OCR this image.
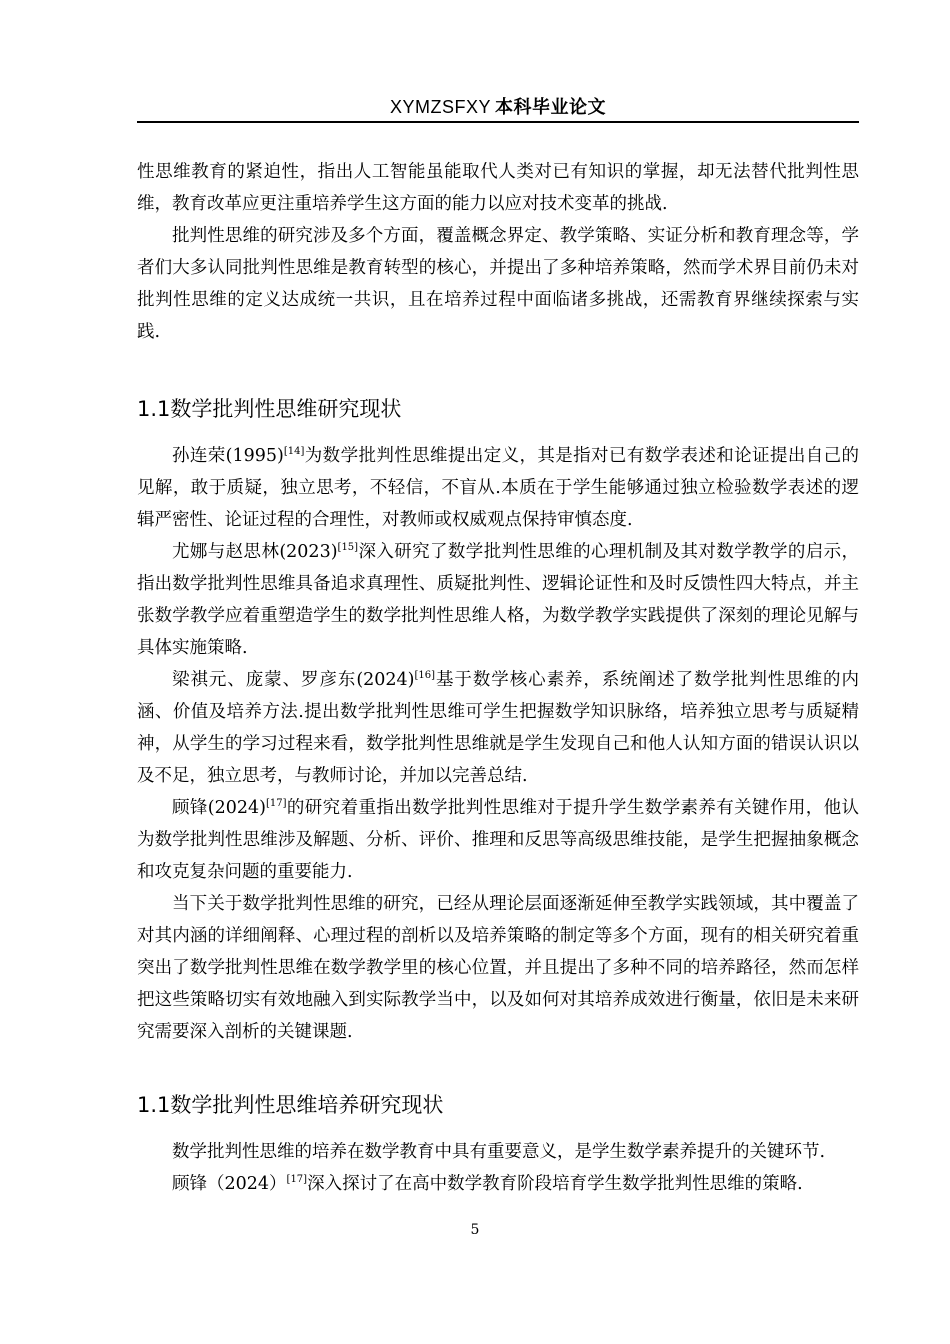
XYMZSFXY 本科毕业论文

性思维教育的紧迫性，指出人工智能虽能取代人类对已有知识的掌握，却无法替代批判性思维，教育改革应更注重培养学生这方面的能力以应对技术变革的挑战.

批判性思维的研究涉及多个方面，覆盖概念界定、教学策略、实证分析和教育理念等，学者们大多认同批判性思维是教育转型的核心，并提出了多种培养策略，然而学术界目前仍未对批判性思维的定义达成统一共识，且在培养过程中面临诸多挑战，还需教育界继续探索与实践.

1.1数学批判性思维研究现状

孙连荣(1995)[14]为数学批判性思维提出定义，其是指对已有数学表述和论证提出自己的见解，敢于质疑，独立思考，不轻信，不盲从.本质在于学生能够通过独立检验数学表述的逻辑严密性、论证过程的合理性，对教师或权威观点保持审慎态度.

尤娜与赵思林(2023)[15]深入研究了数学批判性思维的心理机制及其对数学教学的启示，指出数学批判性思维具备追求真理性、质疑批判性、逻辑论证性和及时反馈性四大特点，并主张数学教学应着重塑造学生的数学批判性思维人格，为数学教学实践提供了深刻的理论见解与具体实施策略.

梁祺元、庞蒙、罗彦东(2024)[16]基于数学核心素养，系统阐述了数学批判性思维的内涵、价值及培养方法.提出数学批判性思维可学生把握数学知识脉络，培养独立思考与质疑精神，从学生的学习过程来看，数学批判性思维就是学生发现自己和他人认知方面的错误认识以及不足，独立思考，与教师讨论，并加以完善总结.

顾锋(2024)[17]的研究着重指出数学批判性思维对于提升学生数学素养有关键作用，他认为数学批判性思维涉及解题、分析、评价、推理和反思等高级思维技能，是学生把握抽象概念和攻克复杂问题的重要能力.

当下关于数学批判性思维的研究，已经从理论层面逐渐延伸至教学实践领域，其中覆盖了对其内涵的详细阐释、心理过程的剖析以及培养策略的制定等多个方面，现有的相关研究着重突出了数学批判性思维在数学教学里的核心位置，并且提出了多种不同的培养路径，然而怎样把这些策略切实有效地融入到实际教学当中，以及如何对其培养成效进行衡量，依旧是未来研究需要深入剖析的关键课题.

1.1数学批判性思维培养研究现状

数学批判性思维的培养在数学教育中具有重要意义，是学生数学素养提升的关键环节.

顾锋（2024）[17]深入探讨了在高中数学教育阶段培育学生数学批判性思维的策略.

5
